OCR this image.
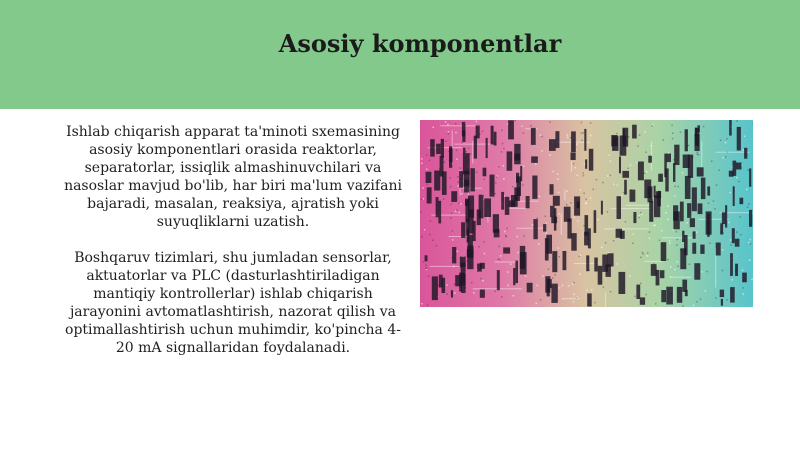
Asosiy komponentlar

Ishlab chiqarish apparat ta'minoti sxemasining asosiy komponentlari orasida reaktorlar, separatorlar, issiqlik almashinuvchilari va nasoslar mavjud bo'lib, har biri ma'lum vazifani bajaradi, masalan, reaksiya, ajratish yoki suyuqliklarni uzatish.

Boshqaruv tizimlari, shu jumladan sensorlar, aktuatorlar va PLC (dasturlashtiriladigan mantiqiy kontrollerlar) ishlab chiqarish jarayonini avtomatlashtirish, nazorat qilish va optimallashtirish uchun muhimdir, ko'pincha 4-20 mA signallaridan foydalanadi.
